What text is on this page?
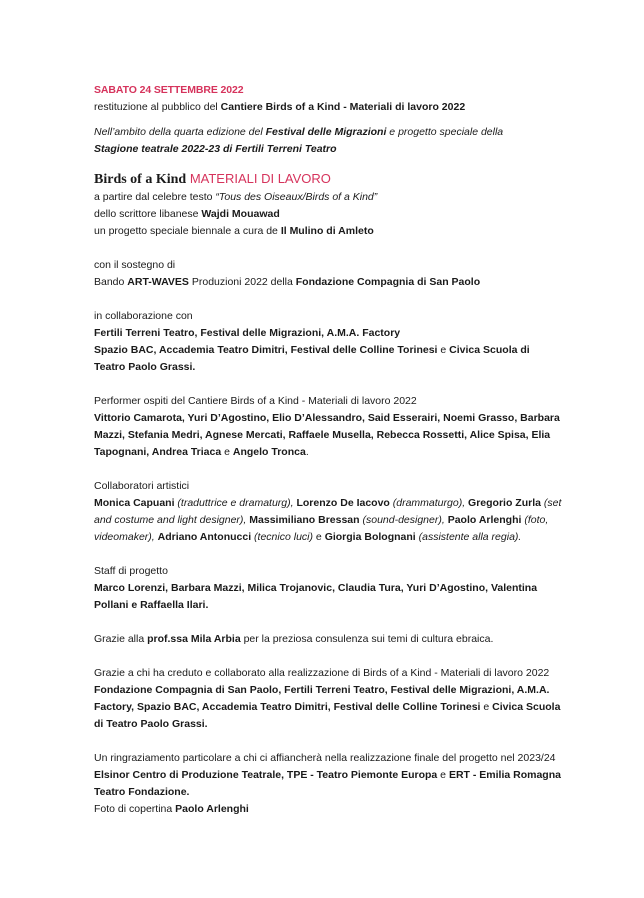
SABATO 24 SETTEMBRE 2022

restituzione al pubblico del Cantiere Birds of a Kind - Materiali di lavoro 2022

Nell’ambito della quarta edizione del Festival delle Migrazioni e progetto speciale della
Stagione teatrale 2022-23 di Fertili Terreni Teatro

Birds of a Kind MATERIALI DI LAVORO

a partire dal celebre testo “Tous des Oiseaux/Birds of a Kind”

dello scrittore libanese Wajdi Mouawad

un progetto speciale biennale a cura de Il Mulino di Amleto

con il sostegno di

Bando ART-WAVES Produzioni 2022 della Fondazione Compagnia di San Paolo

in collaborazione con

Fertili Terreni Teatro, Festival delle Migrazioni, A.M.A. Factory

Spazio BAC, Accademia Teatro Dimitri, Festival delle Colline Torinesi e Civica Scuola di
Teatro Paolo Grassi.

Performer ospiti del Cantiere Birds of a Kind - Materiali di lavoro 2022

Vittorio Camarota, Yuri D’Agostino, Elio D’Alessandro, Said Esserairi, Noemi Grasso, Barbara Mazzi, Stefania Medri, Agnese Mercati, Raffaele Musella, Rebecca Rossetti, Alice Spisa, Elia Tapognani, Andrea Triaca e Angelo Tronca.

Collaboratori artistici

Monica Capuani (traduttrice e dramaturg), Lorenzo De Iacovo (drammaturgo), Gregorio Zurla (set and costume and light designer), Massimiliano Bressan (sound-designer), Paolo Arlenghi (foto, videomaker), Adriano Antonucci (tecnico luci) e Giorgia Bolognani (assistente alla regia).

Staff di progetto

Marco Lorenzi, Barbara Mazzi, Milica Trojanovic, Claudia Tura, Yuri D’Agostino, Valentina Pollani e Raffaella Ilari.

Grazie alla prof.ssa Mila Arbia per la preziosa consulenza sui temi di cultura ebraica.

Grazie a chi ha creduto e collaborato alla realizzazione di Birds of a Kind - Materiali di lavoro 2022

Fondazione Compagnia di San Paolo, Fertili Terreni Teatro, Festival delle Migrazioni, A.M.A. Factory, Spazio BAC, Accademia Teatro Dimitri, Festival delle Colline Torinesi e Civica Scuola di Teatro Paolo Grassi.

Un ringraziamento particolare a chi ci affiancherà nella realizzazione finale del progetto nel 2023/24

Elsinor Centro di Produzione Teatrale, TPE - Teatro Piemonte Europa e ERT - Emilia Romagna Teatro Fondazione.

Foto di copertina Paolo Arlenghi
